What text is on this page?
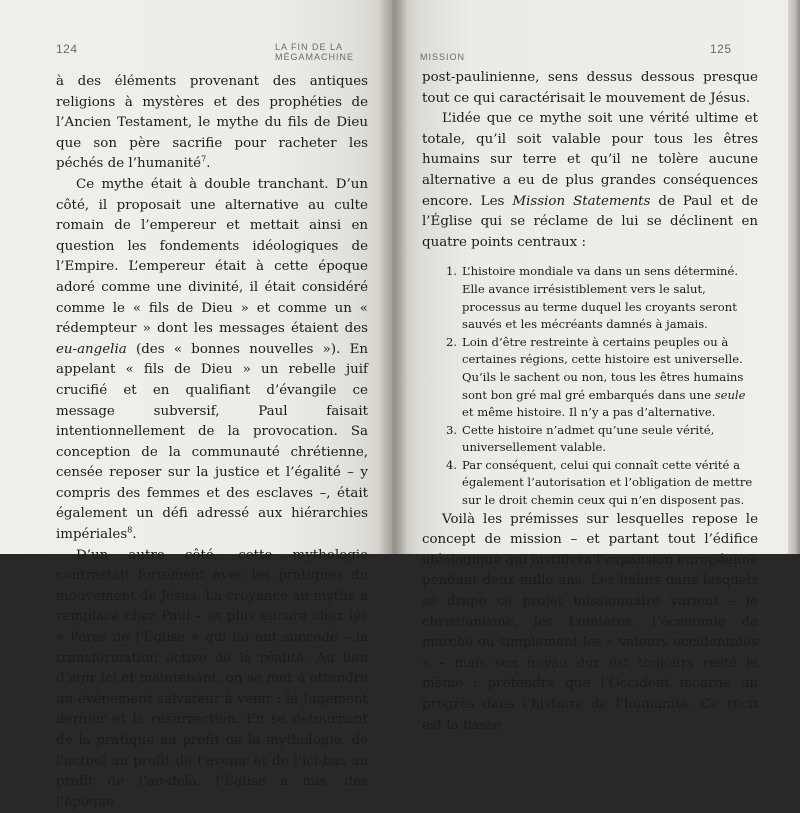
124	LA FIN DE LA MÉGAMACHINE

à des éléments provenant des antiques religions à mystères et des prophéties de l’Ancien Testament, le mythe du fils de Dieu que son père sacrifie pour racheter les péchés de l’humanité$^7$.

Ce mythe était à double tranchant. D’un côté, il proposait une alternative au culte romain de l’empereur et mettait ainsi en question les fondements idéologiques de l’Empire. L’empereur était à cette époque adoré comme une divinité, il était considéré comme le « fils de Dieu » et comme un « rédempteur » dont les messages étaient des eu-angelia (des « bonnes nouvelles »). En appelant « fils de Dieu » un rebelle juif crucifié et en qualifiant d’évangile ce message subversif, Paul faisait intentionnellement de la provocation. Sa conception de la communauté chrétienne, censée reposer sur la justice et l’égalité – y compris des femmes et des esclaves –, était également un défi adressé aux hiérarchies impériales$^8$.

D’un autre côté, cette mythologie contrastait fortement avec les pratiques du mouvement de Jésus. La croyance au mythe a remplacé chez Paul – et plus encore chez les « Pères de l’Église » qui lui ont succédé – la transformation active de la réalité. Au lieu d’agir ici et maintenant, on se met à attendre un événement salvateur à venir : le Jugement dernier et la résurrection. En se détournant de la pratique au profit de la mythologie, de l’actuel au profit de l’avenir et de l’ici-bas au profit de l’au-delà, l’Église a mis, dès l’époque

MISSION
125

post-paulinienne, sens dessus dessous presque tout ce qui caractérisait le mouvement de Jésus.

L’idée que ce mythe soit une vérité ultime et totale, qu’il soit valable pour tous les êtres humains sur terre et qu’il ne tolère aucune alternative a eu de plus grandes conséquences encore. Les Mission Statements de Paul et de l’Église qui se réclame de lui se déclinent en quatre points centraux :

1. L’histoire mondiale va dans un sens déterminé. Elle avance irrésistiblement vers le salut, processus au terme duquel les croyants seront sauvés et les mécréants damnés à jamais.
2. Loin d’être restreinte à certains peuples ou à certaines régions, cette histoire est universelle. Qu’ils le sachent ou non, tous les êtres humains sont bon gré mal gré embarqués dans une seule et même histoire. Il n’y a pas d’alternative.
3. Cette histoire n’admet qu’une seule vérité, universellement valable.
4. Par conséquent, celui qui connaît cette vérité a également l’autorisation et l’obligation de mettre sur le droit chemin ceux qui n’en disposent pas.

Voilà les prémisses sur lesquelles repose le concept de mission – et partant tout l’édifice idéologique qui justifiera l’expansion européenne pendant deux mille ans. Les habits dans lesquels se drape ce projet missionnaire varient – le christianisme, les Lumières, l’économie de marché ou simplement les « valeurs occidentales » – mais son noyau dur est toujours resté le même : prétendre que l’Occident incarne un progrès dans l’histoire de l’humanité. Ce récit est la basse
